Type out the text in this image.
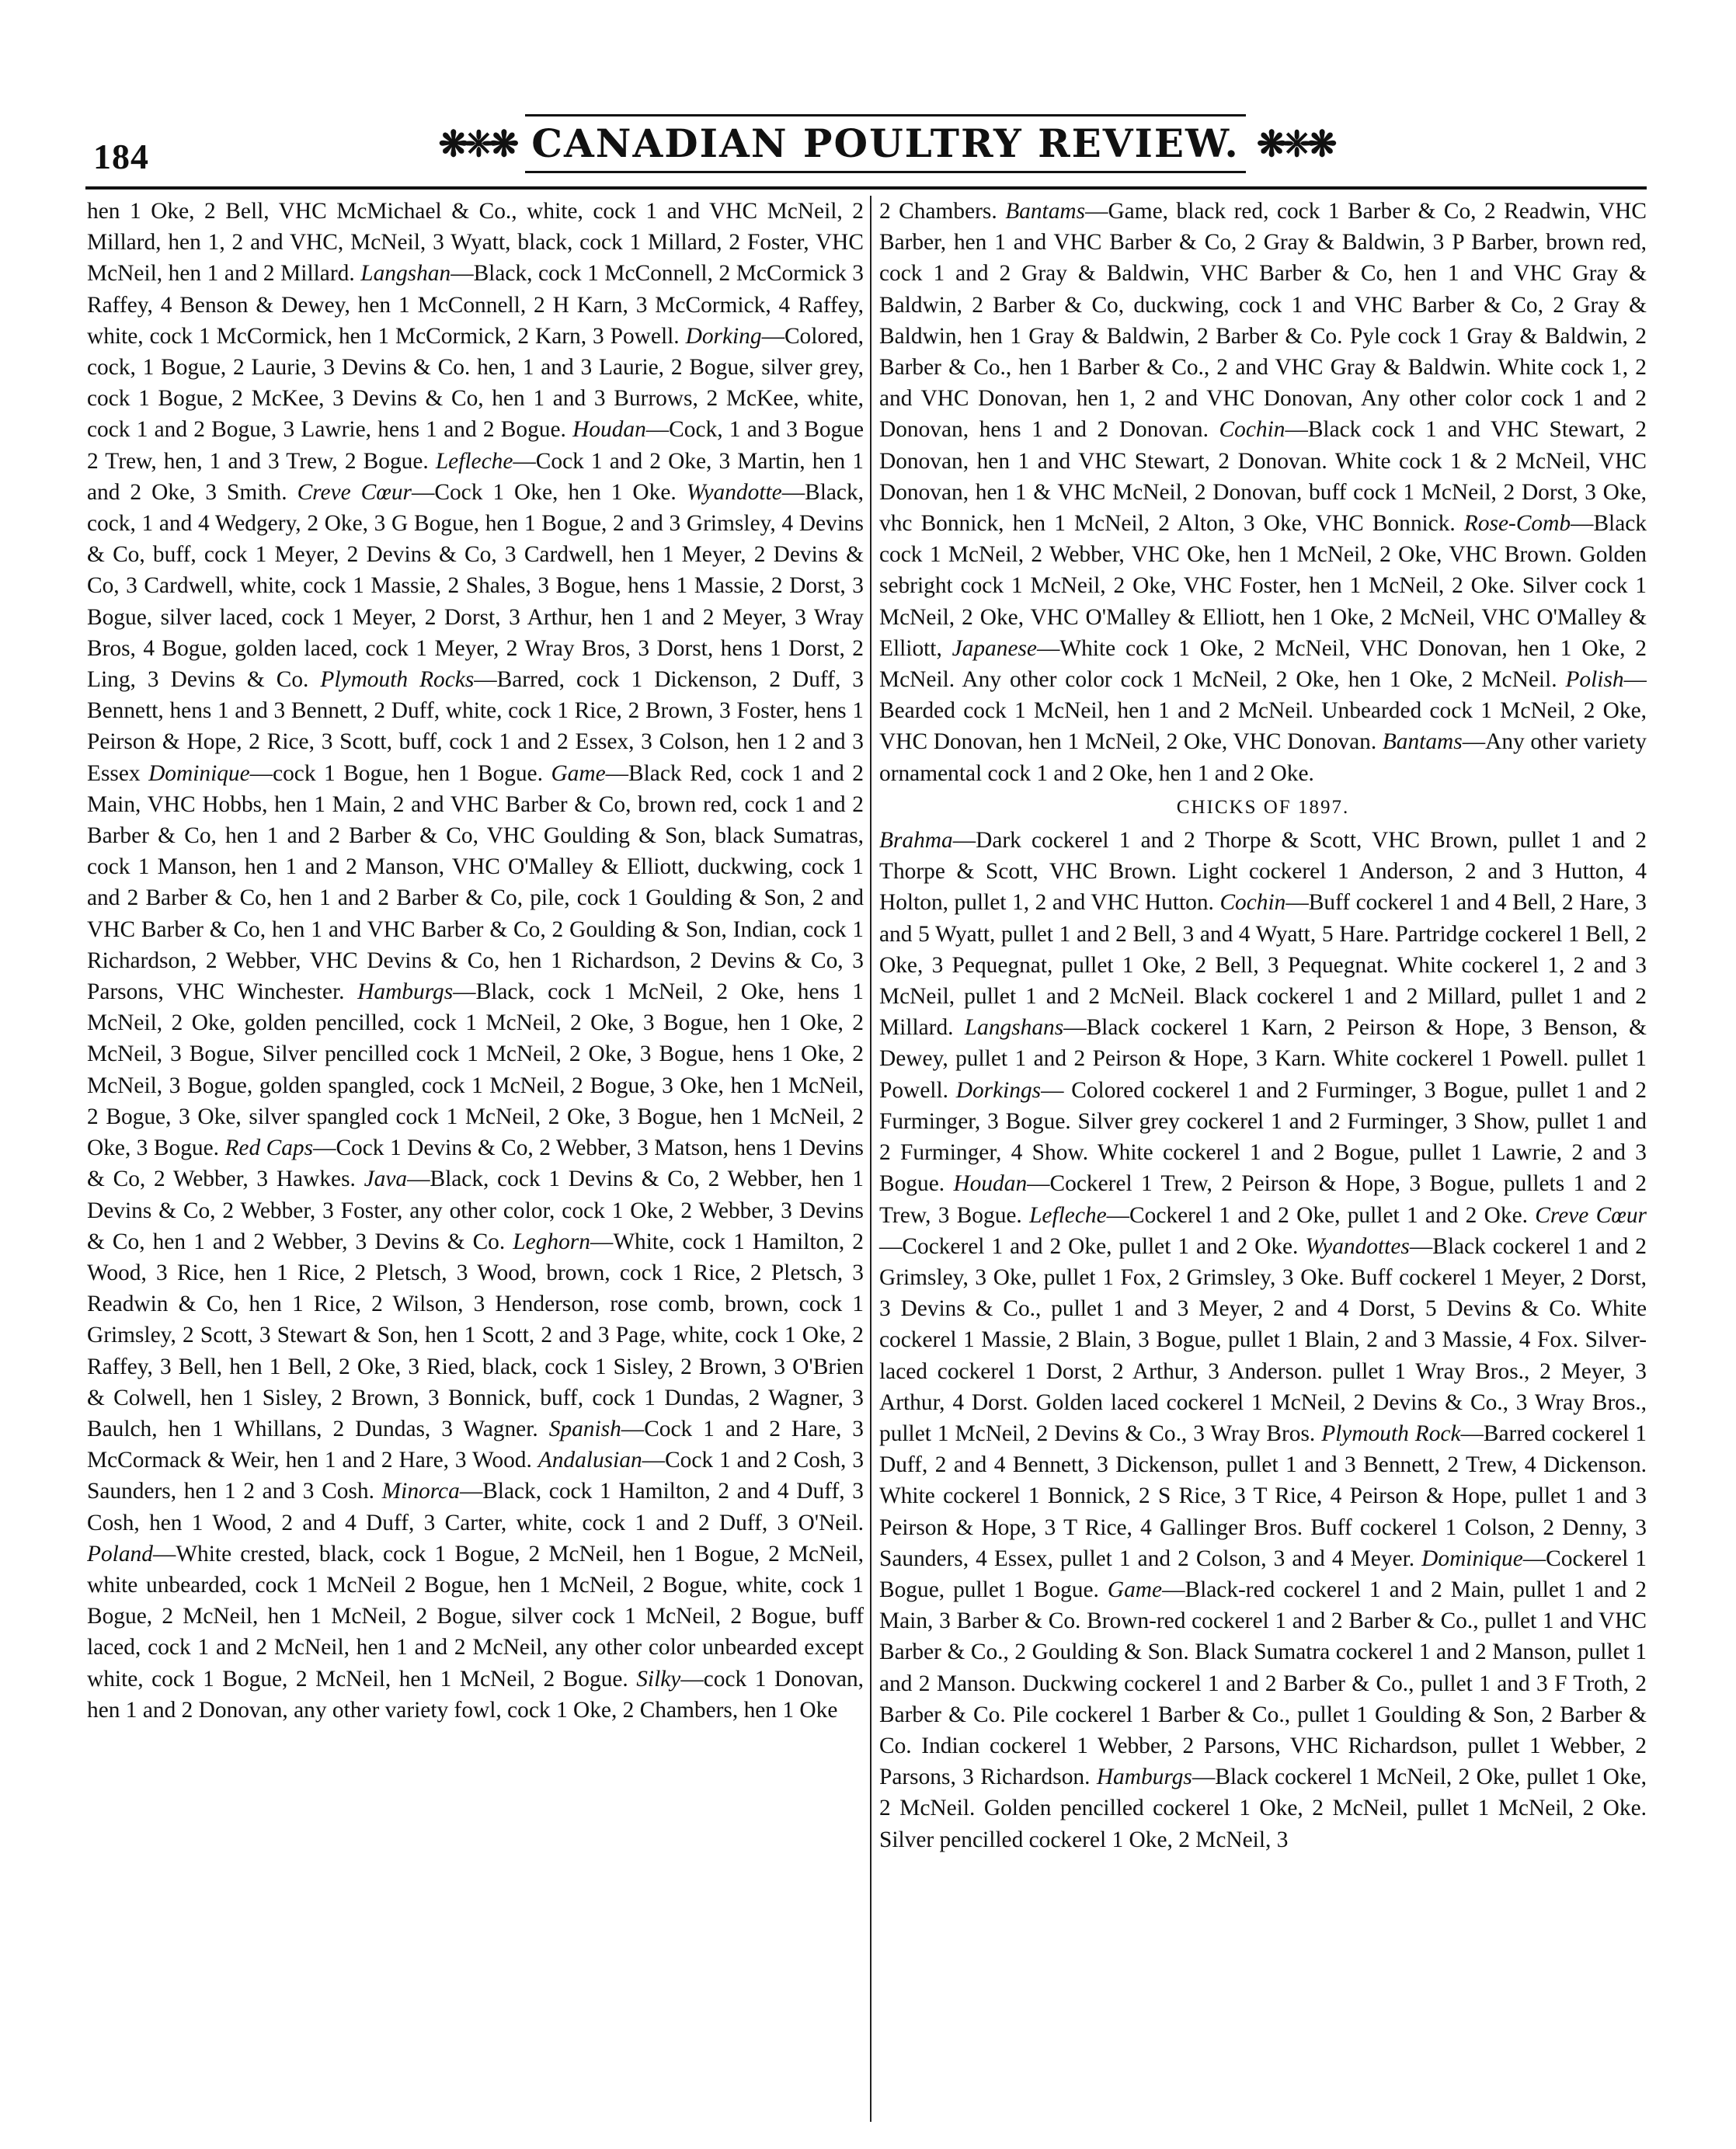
184	❋❈❋ CANADIAN POULTRY REVIEW. ❋❈❋

hen 1 Oke, 2 Bell, VHC McMichael & Co., white, cock 1 and VHC McNeil, 2 Millard, hen 1, 2 and VHC, McNeil, 3 Wyatt, black, cock 1 Millard, 2 Foster, VHC McNeil, hen 1 and 2 Millard. Langshan—Black, cock 1 McConnell, 2 McCormick 3 Raffey, 4 Benson & Dewey, hen 1 McConnell, 2 H Karn, 3 McCormick, 4 Raffey, white, cock 1 McCormick, hen 1 McCormick, 2 Karn, 3 Powell. Dorking—Colored, cock, 1 Bogue, 2 Laurie, 3 Devins & Co. hen, 1 and 3 Laurie, 2 Bogue, silver grey, cock 1 Bogue, 2 McKee, 3 Devins & Co, hen 1 and 3 Burrows, 2 McKee, white, cock 1 and 2 Bogue, 3 Lawrie, hens 1 and 2 Bogue. Houdan—Cock, 1 and 3 Bogue 2 Trew, hen, 1 and 3 Trew, 2 Bogue. Lefleche—Cock 1 and 2 Oke, 3 Martin, hen 1 and 2 Oke, 3 Smith. Creve Cœur—Cock 1 Oke, hen 1 Oke. Wyandotte—Black, cock, 1 and 4 Wedgery, 2 Oke, 3 G Bogue, hen 1 Bogue, 2 and 3 Grimsley, 4 Devins & Co, buff, cock 1 Meyer, 2 Devins & Co, 3 Cardwell, hen 1 Meyer, 2 Devins & Co, 3 Cardwell, white, cock 1 Massie, 2 Shales, 3 Bogue, hens 1 Massie, 2 Dorst, 3 Bogue, silver laced, cock 1 Meyer, 2 Dorst, 3 Arthur, hen 1 and 2 Meyer, 3 Wray Bros, 4 Bogue, golden laced, cock 1 Meyer, 2 Wray Bros, 3 Dorst, hens 1 Dorst, 2 Ling, 3 Devins & Co. Plymouth Rocks—Barred, cock 1 Dickenson, 2 Duff, 3 Bennett, hens 1 and 3 Bennett, 2 Duff, white, cock 1 Rice, 2 Brown, 3 Foster, hens 1 Peirson & Hope, 2 Rice, 3 Scott, buff, cock 1 and 2 Essex, 3 Colson, hen 1 2 and 3 Essex Dominique—cock 1 Bogue, hen 1 Bogue. Game—Black Red, cock 1 and 2 Main, VHC Hobbs, hen 1 Main, 2 and VHC Barber & Co, brown red, cock 1 and 2 Barber & Co, hen 1 and 2 Barber & Co, VHC Goulding & Son, black Sumatras, cock 1 Manson, hen 1 and 2 Manson, VHC O'Malley & Elliott, duckwing, cock 1 and 2 Barber & Co, hen 1 and 2 Barber & Co, pile, cock 1 Goulding & Son, 2 and VHC Barber & Co, hen 1 and VHC Barber & Co, 2 Goulding & Son, Indian, cock 1 Richardson, 2 Webber, VHC Devins & Co, hen 1 Richardson, 2 Devins & Co, 3 Parsons, VHC Winchester. Hamburgs—Black, cock 1 McNeil, 2 Oke, hens 1 McNeil, 2 Oke, golden pencilled, cock 1 McNeil, 2 Oke, 3 Bogue, hen 1 Oke, 2 McNeil, 3 Bogue, Silver pencilled cock 1 McNeil, 2 Oke, 3 Bogue, hens 1 Oke, 2 McNeil, 3 Bogue, golden spangled, cock 1 McNeil, 2 Bogue, 3 Oke, hen 1 McNeil, 2 Bogue, 3 Oke, silver spangled cock 1 McNeil, 2 Oke, 3 Bogue, hen 1 McNeil, 2 Oke, 3 Bogue. Red Caps—Cock 1 Devins & Co, 2 Webber, 3 Matson, hens 1 Devins & Co, 2 Webber, 3 Hawkes. Java—Black, cock 1 Devins & Co, 2 Webber, hen 1 Devins & Co, 2 Webber, 3 Foster, any other color, cock 1 Oke, 2 Webber, 3 Devins & Co, hen 1 and 2 Webber, 3 Devins & Co. Leghorn—White, cock 1 Hamilton, 2 Wood, 3 Rice, hen 1 Rice, 2 Pletsch, 3 Wood, brown, cock 1 Rice, 2 Pletsch, 3 Readwin & Co, hen 1 Rice, 2 Wilson, 3 Henderson, rose comb, brown, cock 1 Grimsley, 2 Scott, 3 Stewart & Son, hen 1 Scott, 2 and 3 Page, white, cock 1 Oke, 2 Raffey, 3 Bell, hen 1 Bell, 2 Oke, 3 Ried, black, cock 1 Sisley, 2 Brown, 3 O'Brien & Colwell, hen 1 Sisley, 2 Brown, 3 Bonnick, buff, cock 1 Dundas, 2 Wagner, 3 Baulch, hen 1 Whillans, 2 Dundas, 3 Wagner. Spanish—Cock 1 and 2 Hare, 3 McCormack & Weir, hen 1 and 2 Hare, 3 Wood. Andalusian—Cock 1 and 2 Cosh, 3 Saunders, hen 1 2 and 3 Cosh. Minorca—Black, cock 1 Hamilton, 2 and 4 Duff, 3 Cosh, hen 1 Wood, 2 and 4 Duff, 3 Carter, white, cock 1 and 2 Duff, 3 O'Neil. Poland—White crested, black, cock 1 Bogue, 2 McNeil, hen 1 Bogue, 2 McNeil, white unbearded, cock 1 McNeil 2 Bogue, hen 1 McNeil, 2 Bogue, white, cock 1 Bogue, 2 McNeil, hen 1 McNeil, 2 Bogue, silver cock 1 McNeil, 2 Bogue, buff laced, cock 1 and 2 McNeil, hen 1 and 2 McNeil, any other color unbearded except white, cock 1 Bogue, 2 McNeil, hen 1 McNeil, 2 Bogue. Silky—cock 1 Donovan, hen 1 and 2 Donovan, any other variety fowl, cock 1 Oke, 2 Chambers, hen 1 Oke

2 Chambers. Bantams—Game, black red, cock 1 Barber & Co, 2 Readwin, VHC Barber, hen 1 and VHC Barber & Co, 2 Gray & Baldwin, 3 P Barber, brown red, cock 1 and 2 Gray & Baldwin, VHC Barber & Co, hen 1 and VHC Gray & Baldwin, 2 Barber & Co, duckwing, cock 1 and VHC Barber & Co, 2 Gray & Baldwin, hen 1 Gray & Baldwin, 2 Barber & Co. Pyle cock 1 Gray & Baldwin, 2 Barber & Co., hen 1 Barber & Co., 2 and VHC Gray & Baldwin. White cock 1, 2 and VHC Donovan, hen 1, 2 and VHC Donovan, Any other color cock 1 and 2 Donovan, hens 1 and 2 Donovan. Cochin—Black cock 1 and VHC Stewart, 2 Donovan, hen 1 and VHC Stewart, 2 Donovan. White cock 1 & 2 McNeil, VHC Donovan, hen 1 & VHC McNeil, 2 Donovan, buff cock 1 McNeil, 2 Dorst, 3 Oke, vhc Bonnick, hen 1 McNeil, 2 Alton, 3 Oke, VHC Bonnick. Rose-Comb—Black cock 1 McNeil, 2 Webber, VHC Oke, hen 1 McNeil, 2 Oke, VHC Brown. Golden sebright cock 1 McNeil, 2 Oke, VHC Foster, hen 1 McNeil, 2 Oke. Silver cock 1 McNeil, 2 Oke, VHC O'Malley & Elliott, hen 1 Oke, 2 McNeil, VHC O'Malley & Elliott, Japanese—White cock 1 Oke, 2 McNeil, VHC Donovan, hen 1 Oke, 2 McNeil. Any other color cock 1 McNeil, 2 Oke, hen 1 Oke, 2 McNeil. Polish—Bearded cock 1 McNeil, hen 1 and 2 McNeil. Unbearded cock 1 McNeil, 2 Oke, VHC Donovan, hen 1 McNeil, 2 Oke, VHC Donovan. Bantams—Any other variety ornamental cock 1 and 2 Oke, hen 1 and 2 Oke.

CHICKS OF 1897.

Brahma—Dark cockerel 1 and 2 Thorpe & Scott, VHC Brown, pullet 1 and 2 Thorpe & Scott, VHC Brown. Light cockerel 1 Anderson, 2 and 3 Hutton, 4 Holton, pullet 1, 2 and VHC Hutton. Cochin—Buff cockerel 1 and 4 Bell, 2 Hare, 3 and 5 Wyatt, pullet 1 and 2 Bell, 3 and 4 Wyatt, 5 Hare. Partridge cockerel 1 Bell, 2 Oke, 3 Pequegnat, pullet 1 Oke, 2 Bell, 3 Pequegnat. White cockerel 1, 2 and 3 McNeil, pullet 1 and 2 McNeil. Black cockerel 1 and 2 Millard, pullet 1 and 2 Millard. Langshans—Black cockerel 1 Karn, 2 Peirson & Hope, 3 Benson, & Dewey, pullet 1 and 2 Peirson & Hope, 3 Karn. White cockerel 1 Powell. pullet 1 Powell. Dorkings— Colored cockerel 1 and 2 Furminger, 3 Bogue, pullet 1 and 2 Furminger, 3 Bogue. Silver grey cockerel 1 and 2 Furminger, 3 Show, pullet 1 and 2 Furminger, 4 Show. White cockerel 1 and 2 Bogue, pullet 1 Lawrie, 2 and 3 Bogue. Houdan—Cockerel 1 Trew, 2 Peirson & Hope, 3 Bogue, pullets 1 and 2 Trew, 3 Bogue. Lefleche—Cockerel 1 and 2 Oke, pullet 1 and 2 Oke. Creve Cœur—Cockerel 1 and 2 Oke, pullet 1 and 2 Oke. Wyandottes—Black cockerel 1 and 2 Grimsley, 3 Oke, pullet 1 Fox, 2 Grimsley, 3 Oke. Buff cockerel 1 Meyer, 2 Dorst, 3 Devins & Co., pullet 1 and 3 Meyer, 2 and 4 Dorst, 5 Devins & Co. White cockerel 1 Massie, 2 Blain, 3 Bogue, pullet 1 Blain, 2 and 3 Massie, 4 Fox. Silver-laced cockerel 1 Dorst, 2 Arthur, 3 Anderson. pullet 1 Wray Bros., 2 Meyer, 3 Arthur, 4 Dorst. Golden laced cockerel 1 McNeil, 2 Devins & Co., 3 Wray Bros., pullet 1 McNeil, 2 Devins & Co., 3 Wray Bros. Plymouth Rock—Barred cockerel 1 Duff, 2 and 4 Bennett, 3 Dickenson, pullet 1 and 3 Bennett, 2 Trew, 4 Dickenson. White cockerel 1 Bonnick, 2 S Rice, 3 T Rice, 4 Peirson & Hope, pullet 1 and 3 Peirson & Hope, 3 T Rice, 4 Gallinger Bros. Buff cockerel 1 Colson, 2 Denny, 3 Saunders, 4 Essex, pullet 1 and 2 Colson, 3 and 4 Meyer. Dominique—Cockerel 1 Bogue, pullet 1 Bogue. Game—Black-red cockerel 1 and 2 Main, pullet 1 and 2 Main, 3 Barber & Co. Brown-red cockerel 1 and 2 Barber & Co., pullet 1 and VHC Barber & Co., 2 Goulding & Son. Black Sumatra cockerel 1 and 2 Manson, pullet 1 and 2 Manson. Duckwing cockerel 1 and 2 Barber & Co., pullet 1 and 3 F Troth, 2 Barber & Co. Pile cockerel 1 Barber & Co., pullet 1 Goulding & Son, 2 Barber & Co. Indian cockerel 1 Webber, 2 Parsons, VHC Richardson, pullet 1 Webber, 2 Parsons, 3 Richardson. Hamburgs—Black cockerel 1 McNeil, 2 Oke, pullet 1 Oke, 2 McNeil. Golden pencilled cockerel 1 Oke, 2 McNeil, pullet 1 McNeil, 2 Oke. Silver pencilled cockerel 1 Oke, 2 McNeil, 3
